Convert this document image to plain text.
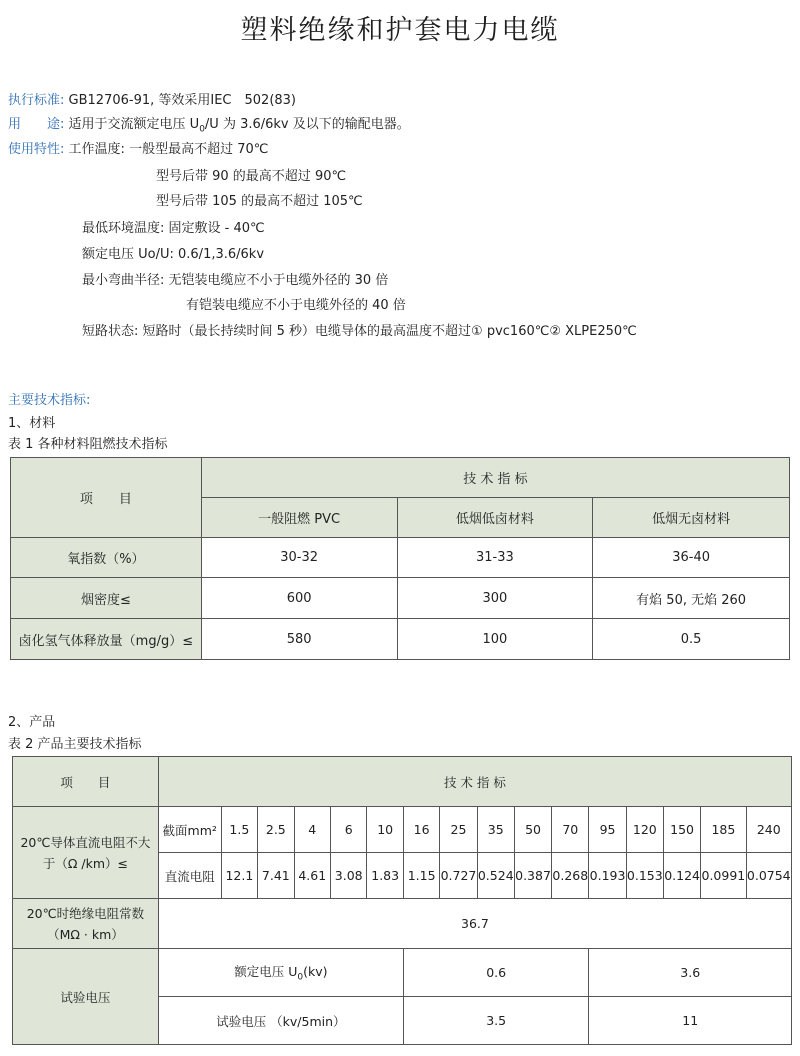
塑料绝缘和护套电力电缆
执行标准: GB12706-91, 等效采用IEC　502(83)
用　　途: 适用于交流额定电压 $U_0/U$ 为 3.6/6kv 及以下的输配电器。
使用特性: 工作温度: 一般型最高不超过 70℃
型号后带 90 的最高不超过 90℃
型号后带 105 的最高不超过 105℃
最低环境温度: 固定敷设 - 40℃
额定电压 Uo/U: 0.6/1,3.6/6kv
最小弯曲半径: 无铠装电缆应不小于电缆外径的 30 倍
有铠装电缆应不小于电缆外径的 40 倍
短路状态: 短路时（最长持续时间 5 秒）电缆导体的最高温度不超过① pvc160℃② XLPE250℃
主要技术指标:
1、材料
表 1 各种材料阻燃技术指标
项　　目	技 术 指 标		
	一般阻燃 PVC	低烟低卤材料	低烟无卤材料
氧指数（%）	30-32	31-33	36-40
烟密度≤	600	300	有焰 50, 无焰 260
卤化氢气体释放量（mg/g）≤	580	100	0.5
2、产品
表 2 产品主要技术指标
项　　目	技 术 指 标															
20℃导体直流电阻不大于（Ω /km）≤	截面mm²	1.5	2.5	4	6	10	16	25	35	50	70	95	120	150	185	240
	直流电阻	12.1	7.41	4.61	3.08	1.83	1.15	0.727	0.524	0.387	0.268	0.193	0.153	0.124	0.0991	0.0754
20℃时绝缘电阻常数（MΩ · km）	36.7															
试验电压	额定电压 $U_0(kv)$						0.6					3.6				
	试验电压 （kv/5min）						3.5					11				
